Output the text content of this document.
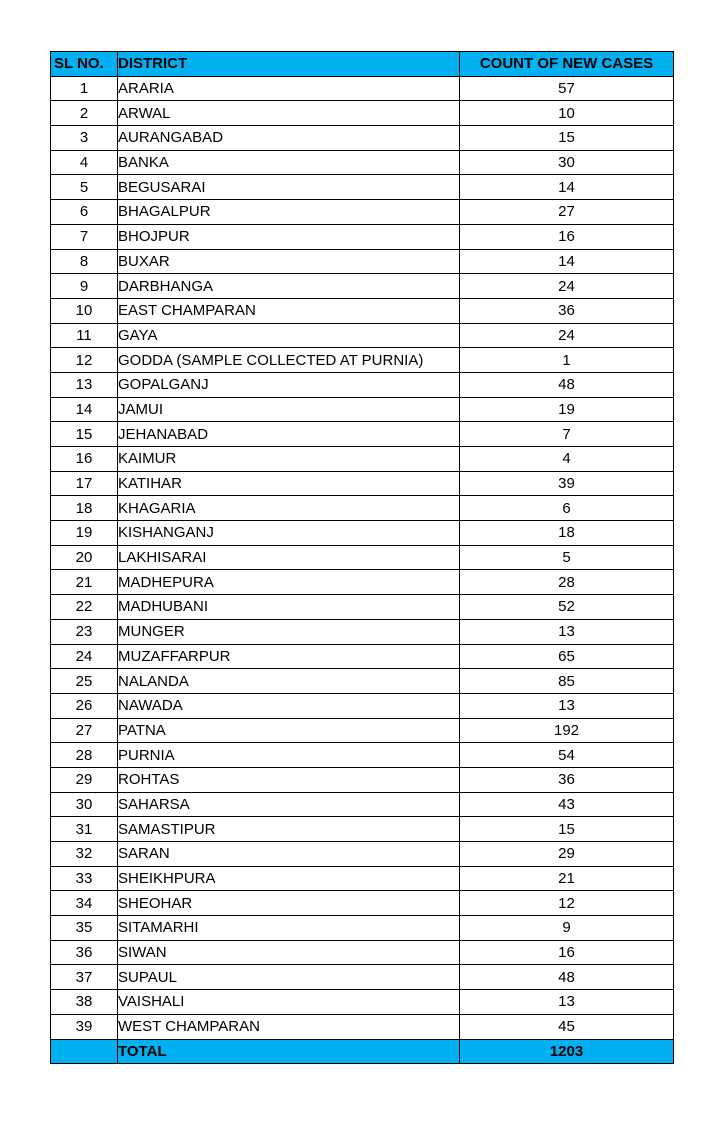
SL NO.	DISTRICT	COUNT OF NEW CASES
1	ARARIA	57
2	ARWAL	10
3	AURANGABAD	15
4	BANKA	30
5	BEGUSARAI	14
6	BHAGALPUR	27
7	BHOJPUR	16
8	BUXAR	14
9	DARBHANGA	24
10	EAST CHAMPARAN	36
11	GAYA	24
12	GODDA (SAMPLE COLLECTED AT PURNIA)	1
13	GOPALGANJ	48
14	JAMUI	19
15	JEHANABAD	7
16	KAIMUR	4
17	KATIHAR	39
18	KHAGARIA	6
19	KISHANGANJ	18
20	LAKHISARAI	5
21	MADHEPURA	28
22	MADHUBANI	52
23	MUNGER	13
24	MUZAFFARPUR	65
25	NALANDA	85
26	NAWADA	13
27	PATNA	192
28	PURNIA	54
29	ROHTAS	36
30	SAHARSA	43
31	SAMASTIPUR	15
32	SARAN	29
33	SHEIKHPURA	21
34	SHEOHAR	12
35	SITAMARHI	9
36	SIWAN	16
37	SUPAUL	48
38	VAISHALI	13
39	WEST CHAMPARAN	45
	TOTAL	1203
